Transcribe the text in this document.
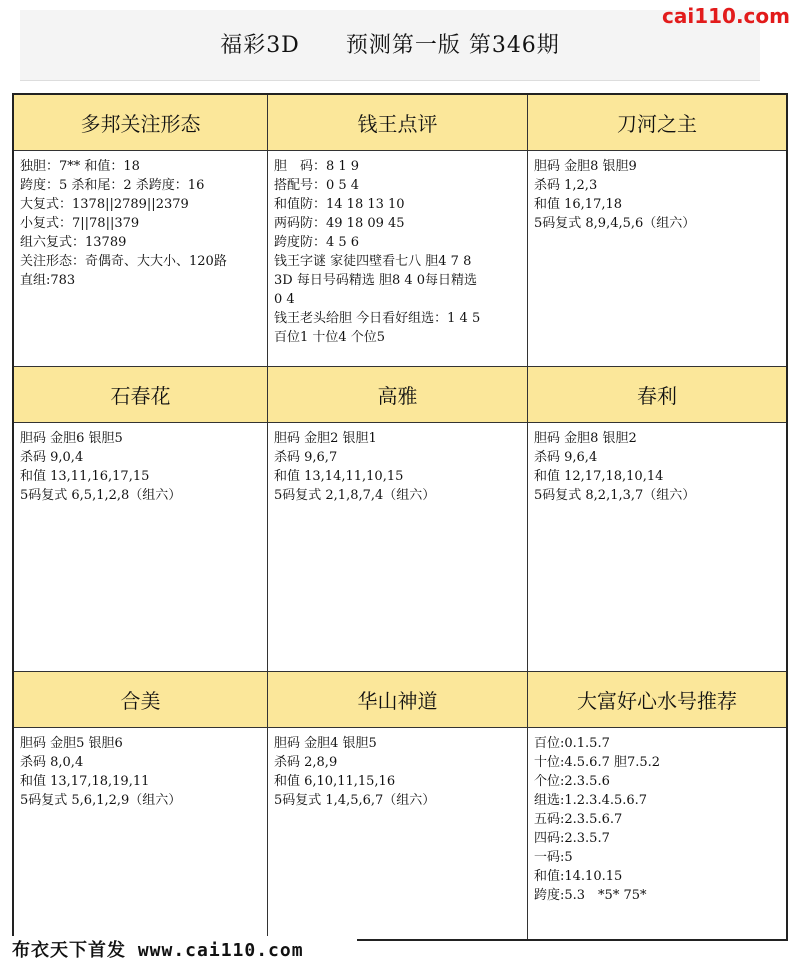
福彩3D　　预测第一版 第346期
cai110.com
多邦关注形态
独胆：7** 和值：18
跨度：5 杀和尾：2 杀跨度：16
大复式：1378||2789||2379
小复式：7||78||379
组六复式：13789
关注形态：奇偶奇、大大小、120路
直组:783
钱王点评
胆　码：8 1 9
搭配号：0 5 4
和值防：14 18 13 10
两码防：49 18 09 45
跨度防：4 5 6
钱王字谜 家徒四壁看七八 胆4 7 8
3D 每日号码精选 胆8 4 0每日精选
0 4
钱王老头给胆 今日看好组选：1 4 5
百位1 十位4 个位5
刀河之主
胆码 金胆8 银胆9
杀码 1,2,3
和值 16,17,18
5码复式 8,9,4,5,6（组六）
石春花
胆码 金胆6 银胆5
杀码 9,0,4
和值 13,11,16,17,15
5码复式 6,5,1,2,8（组六）
高雅
胆码 金胆2 银胆1
杀码 9,6,7
和值 13,14,11,10,15
5码复式 2,1,8,7,4（组六）
春利
胆码 金胆8 银胆2
杀码 9,6,4
和值 12,17,18,10,14
5码复式 8,2,1,3,7（组六）
合美
胆码 金胆5 银胆6
杀码 8,0,4
和值 13,17,18,19,11
5码复式 5,6,1,2,9（组六）
华山神道
胆码 金胆4 银胆5
杀码 2,8,9
和值 6,10,11,15,16
5码复式 1,4,5,6,7（组六）
大富好心水号推荐
百位:0.1.5.7
十位:4.5.6.7 胆7.5.2
个位:2.3.5.6
组选:1.2.3.4.5.6.7
五码:2.3.5.6.7
四码:2.3.5.7
一码:5
和值:14.10.15
跨度:5.3　*5* 75*
布衣天下首发 www.cai110.com
